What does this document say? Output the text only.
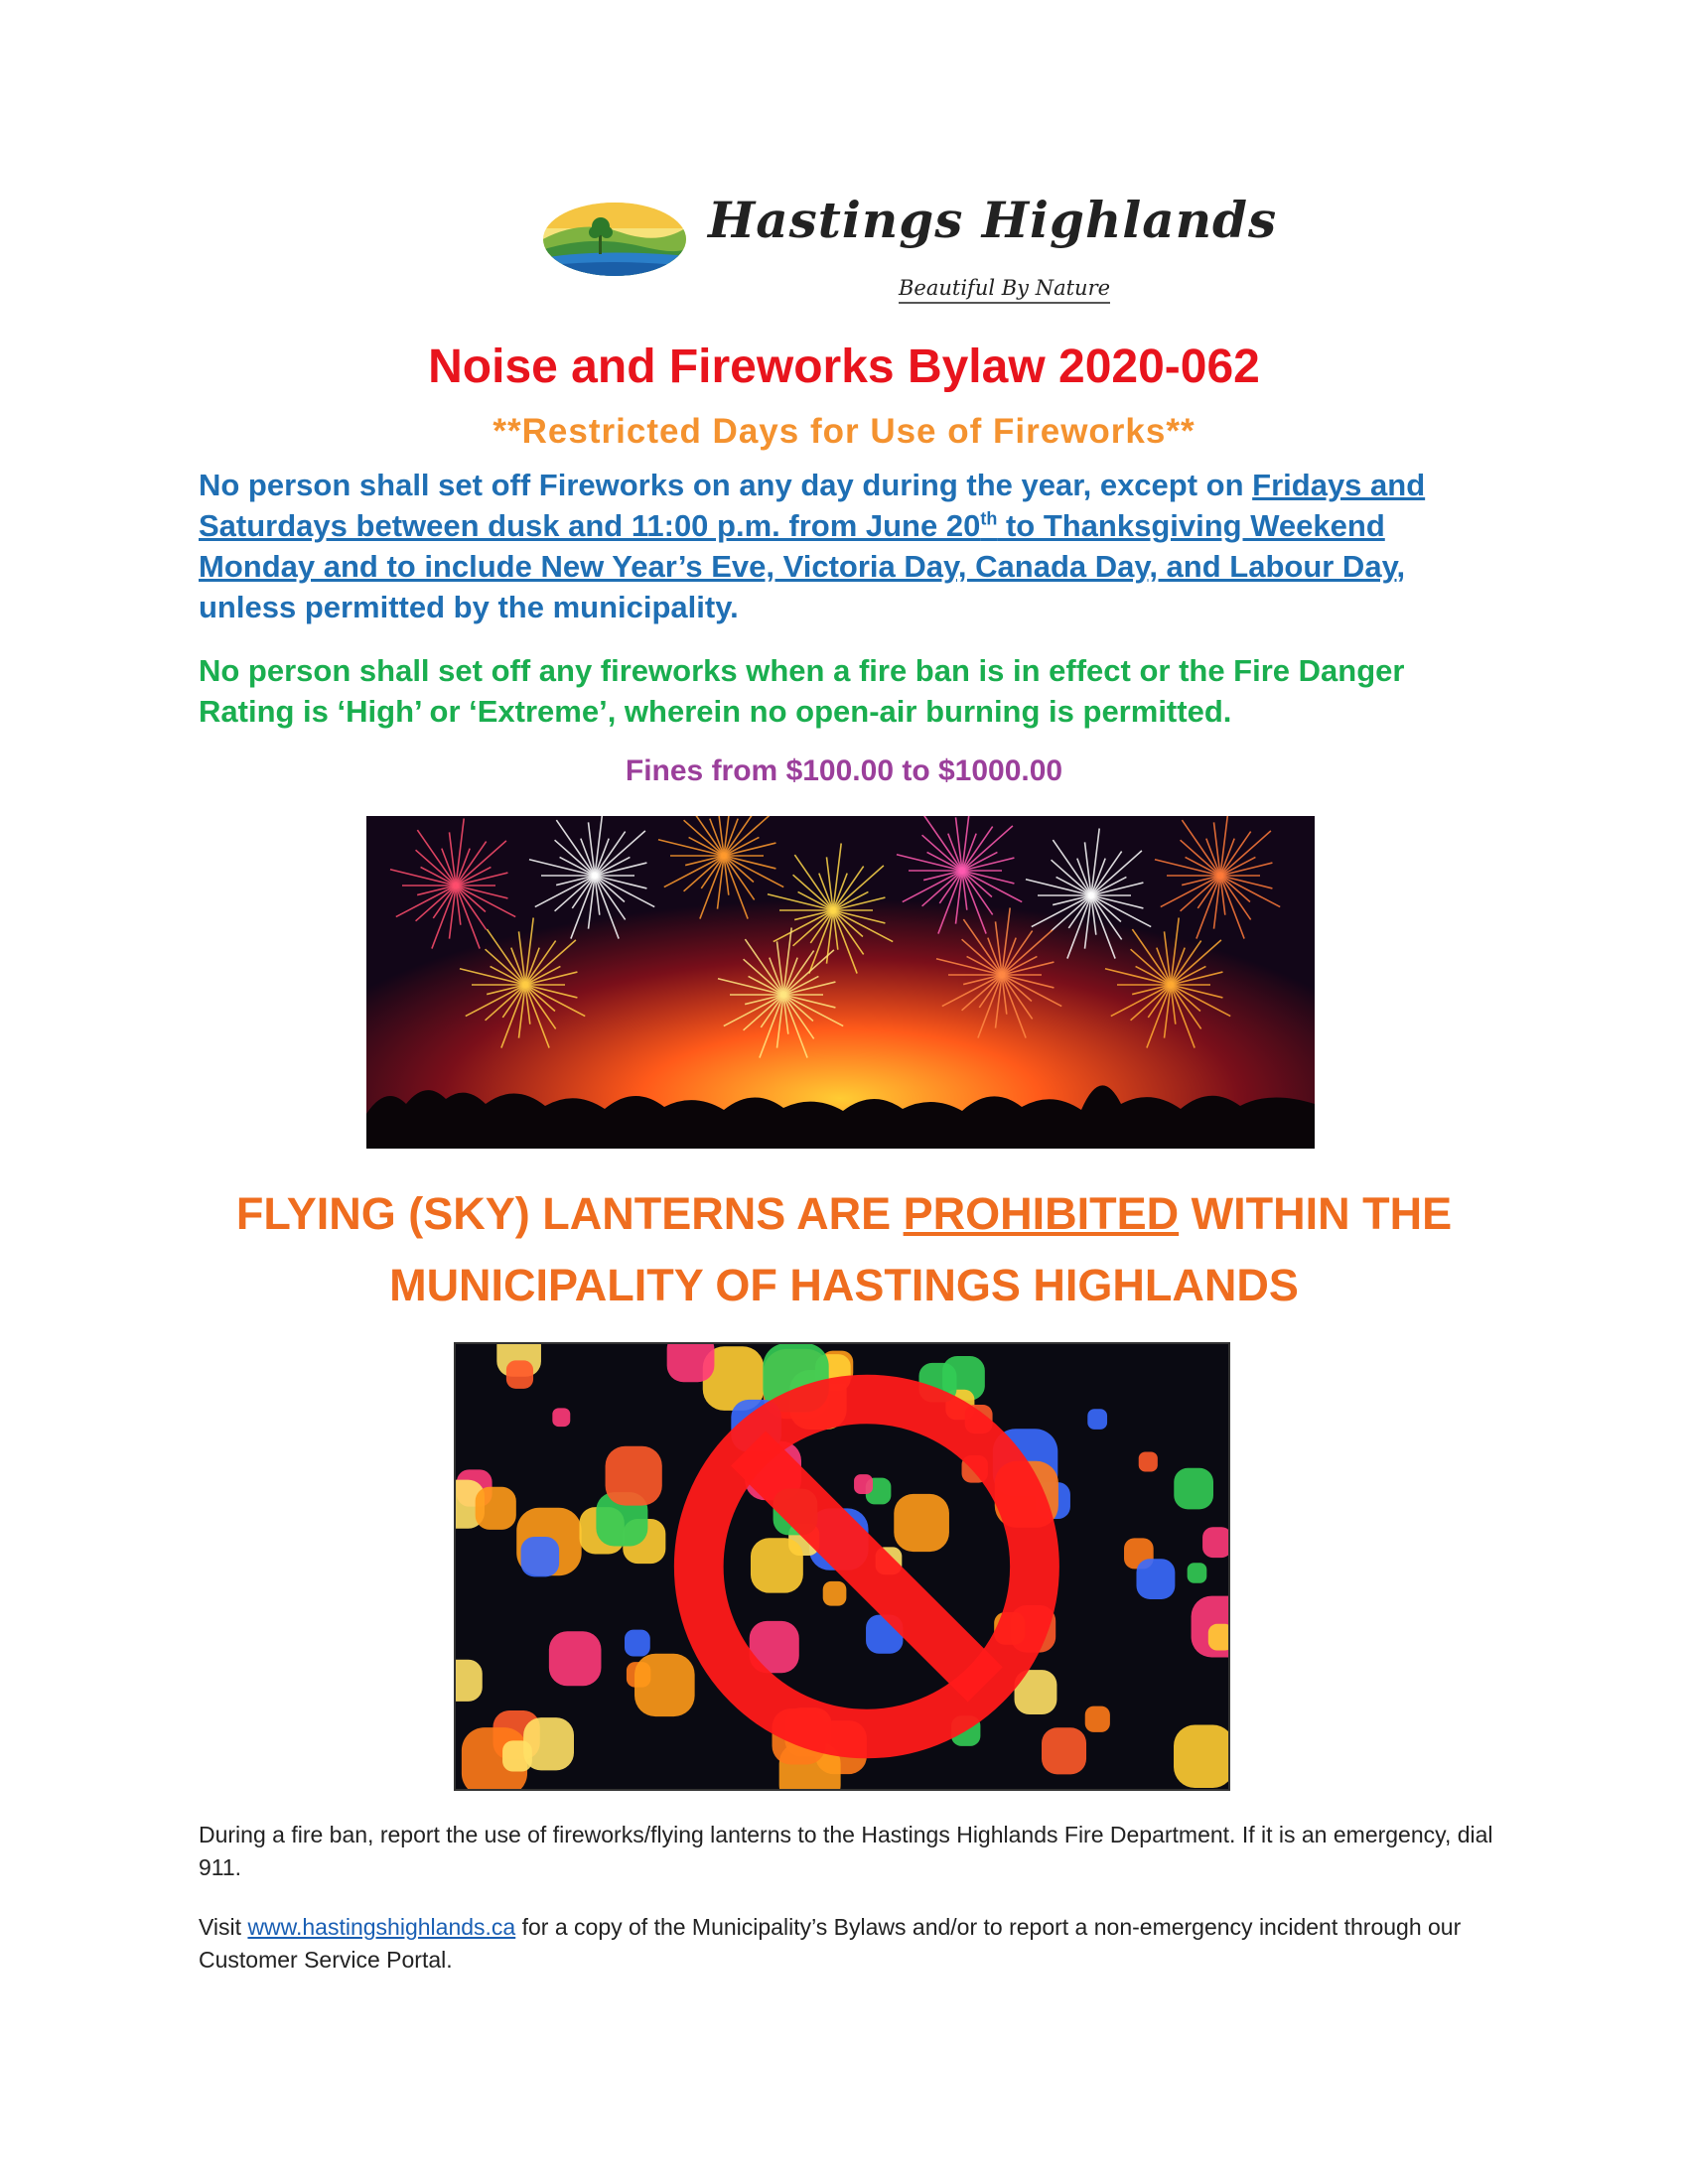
Hastings Highlands
Beautiful By Nature
Noise and Fireworks Bylaw 2020-062
**Restricted Days for Use of Fireworks**
No person shall set off Fireworks on any day during the year, except on Fridays and Saturdays between dusk and 11:00 p.m. from June 20th to Thanksgiving Weekend Monday and to include New Year’s Eve, Victoria Day, Canada Day, and Labour Day, unless permitted by the municipality.
No person shall set off any fireworks when a fire ban is in effect or the Fire Danger Rating is ‘High’ or ‘Extreme’, wherein no open-air burning is permitted.
Fines from $100.00 to $1000.00
FLYING (SKY) LANTERNS ARE PROHIBITED WITHIN THE
MUNICIPALITY OF HASTINGS HIGHLANDS
During a fire ban, report the use of fireworks/flying lanterns to the Hastings Highlands Fire Department. If it is an emergency, dial 911.
Visit www.hastingshighlands.ca for a copy of the Municipality’s Bylaws and/or to report a non-emergency incident through our Customer Service Portal.
